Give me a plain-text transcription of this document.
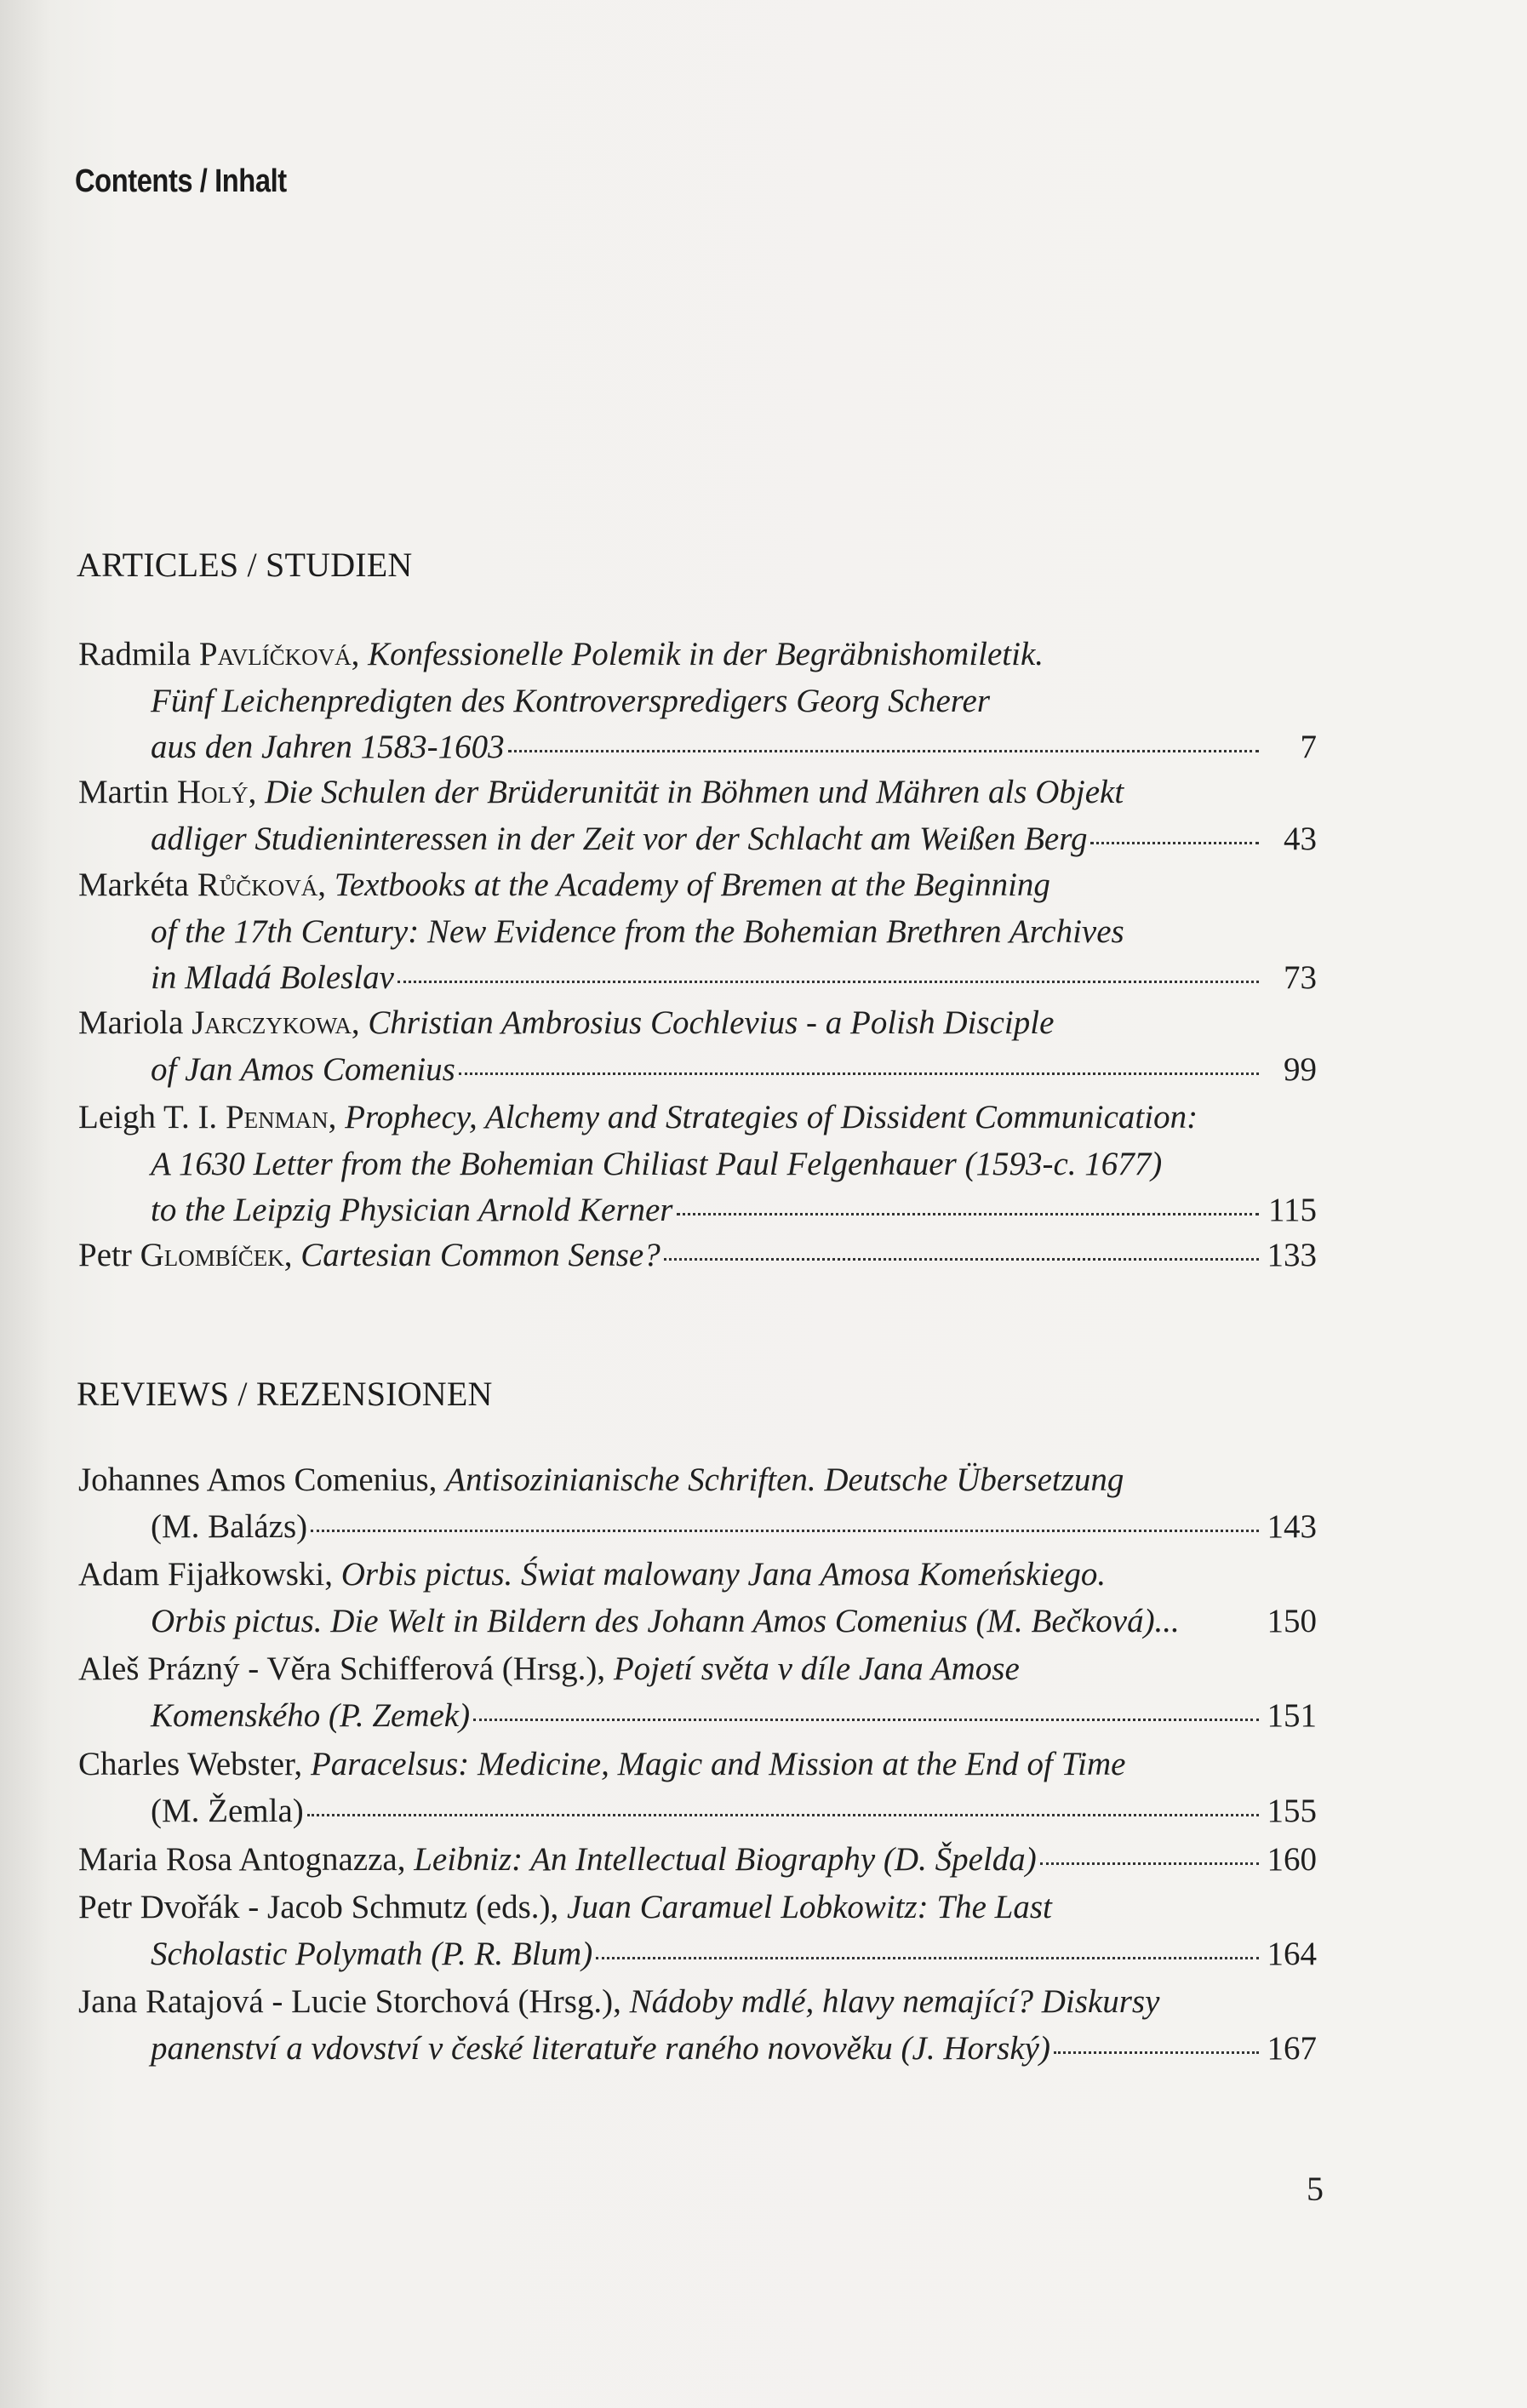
Contents / Inhalt
ARTICLES / STUDIEN
Radmila Pavlíčková, Konfessionelle Polemik in der Begräbnishomiletik.
Fünf Leichenpredigten des Kontroverspredigers Georg Scherer
aus den Jahren 1583-1603	7
Martin Holý, Die Schulen der Brüderunität in Böhmen und Mähren als Objekt
adliger Studieninteressen in der Zeit vor der Schlacht am Weißen Berg	43
Markéta Růčková, Textbooks at the Academy of Bremen at the Beginning
of the 17th Century: New Evidence from the Bohemian Brethren Archives
in Mladá Boleslav	73
Mariola Jarczykowa, Christian Ambrosius Cochlevius - a Polish Disciple
of Jan Amos Comenius	99
Leigh T. I. Penman, Prophecy, Alchemy and Strategies of Dissident Communication:
A 1630 Letter from the Bohemian Chiliast Paul Felgenhauer (1593-c. 1677)
to the Leipzig Physician Arnold Kerner	115
Petr Glombíček, Cartesian Common Sense?	133
REVIEWS / REZENSIONEN
Johannes Amos Comenius, Antisozinianische Schriften. Deutsche Übersetzung
(M. Balázs)	143
Adam Fijałkowski, Orbis pictus. Świat malowany Jana Amosa Komeńskiego.
Orbis pictus. Die Welt in Bildern des Johann Amos Comenius (M. Bečková)...	150
Aleš Prázný - Věra Schifferová (Hrsg.), Pojetí světa v díle Jana Amose
Komenského (P. Zemek)	151
Charles Webster, Paracelsus: Medicine, Magic and Mission at the End of Time
(M. Žemla)	155
Maria Rosa Antognazza, Leibniz: An Intellectual Biography (D. Špelda)	160
Petr Dvořák - Jacob Schmutz (eds.), Juan Caramuel Lobkowitz: The Last
Scholastic Polymath (P. R. Blum)	164
Jana Ratajová - Lucie Storchová (Hrsg.), Nádoby mdlé, hlavy nemající? Diskursy
panenství a vdovství v české literatuře raného novověku (J. Horský)	167
5
